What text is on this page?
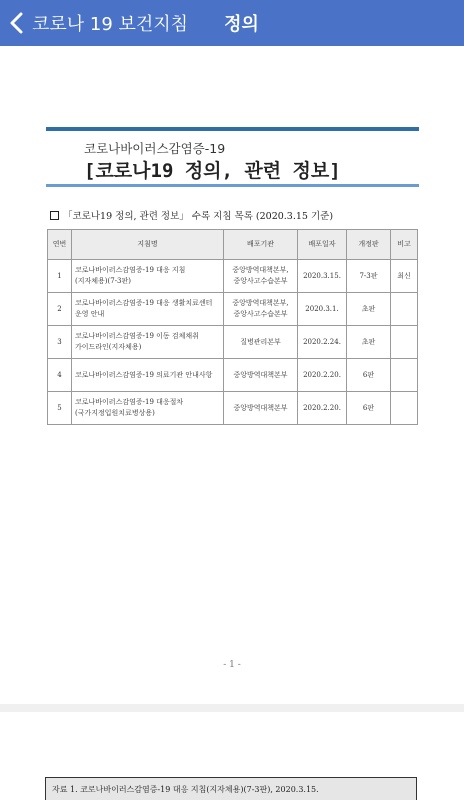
코로나 19 보건지침 정의
코로나바이러스감염증-19
[코로나19 정의, 관련 정보]
「코로나19 정의, 관련 정보」 수록 지침 목록 (2020.3.15 기준)
연번	지침명	배포기관	배포일자	개정판	비고
1	코로나바이러스감염증-19 대응 지침
(지자체용)(7-3판)	중앙방역대책본부,
중앙사고수습본부	2020.3.15.	7-3판	최신
2	코로나바이러스감염증-19 대응 생활치료센터
운영 안내	중앙방역대책본부,
중앙사고수습본부	2020.3.1.	초판	
3	코로나바이러스감염증-19 이동 검체채취
가이드라인(지자체용)	질병관리본부	2020.2.24.	초판	
4	코로나바이러스감염증-19 의료기관 안내사항	중앙방역대책본부	2020.2.20.	6판	
5	코로나바이러스감염증-19 대응절차
(국가지정입원치료병상용)	중앙방역대책본부	2020.2.20.	6판	
- 1 -
자료 1. 코로나바이러스감염증-19 대응 지침(지자체용)(7-3판), 2020.3.15.
